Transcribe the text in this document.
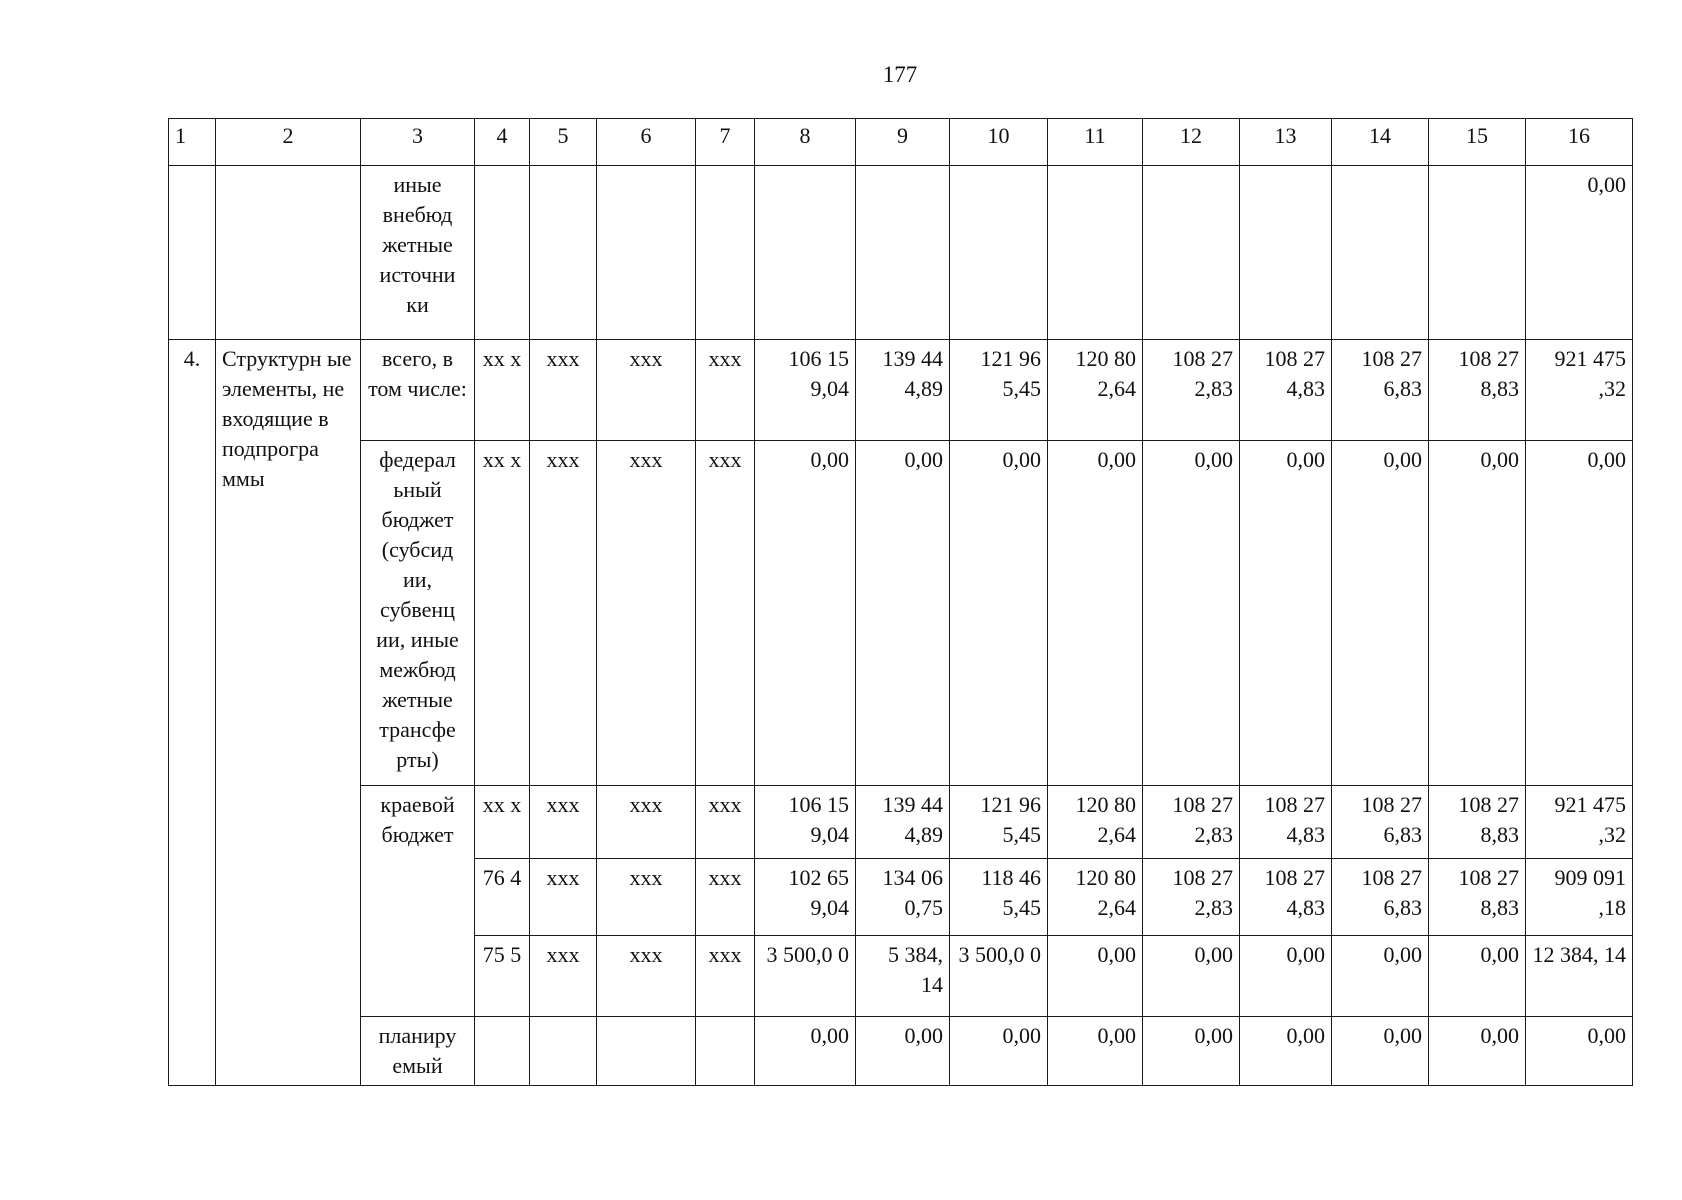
177
1	2	3	4	5	6	7	8	9	10	11	12	13	14	15	16
		иные внебюд жетные источни ки													0,00
4.	Структурн ые элементы, не входящие в подпрогра ммы	всего, в том числе:	хх х	ххх	ххх	ххх	106 15 9,04	139 44 4,89	121 96 5,45	120 80 2,64	108 27 2,83	108 27 4,83	108 27 6,83	108 27 8,83	921 475 ,32
		федерал ьный бюджет (субсид ии, субвенц ии, иные межбюд жетные трансфе рты)	хх х	ххх	ххх	ххх	0,00	0,00	0,00	0,00	0,00	0,00	0,00	0,00	0,00
		краевой бюджет	хх х	ххх	ххх	ххх	106 15 9,04	139 44 4,89	121 96 5,45	120 80 2,64	108 27 2,83	108 27 4,83	108 27 6,83	108 27 8,83	921 475 ,32
			76 4	ххх	ххх	ххх	102 65 9,04	134 06 0,75	118 46 5,45	120 80 2,64	108 27 2,83	108 27 4,83	108 27 6,83	108 27 8,83	909 091 ,18
			75 5	ххх	ххх	ххх	3 500,0 0	5 384, 14	3 500,0 0	0,00	0,00	0,00	0,00	0,00	12 384, 14
		планиру емый					0,00	0,00	0,00	0,00	0,00	0,00	0,00	0,00	0,00
